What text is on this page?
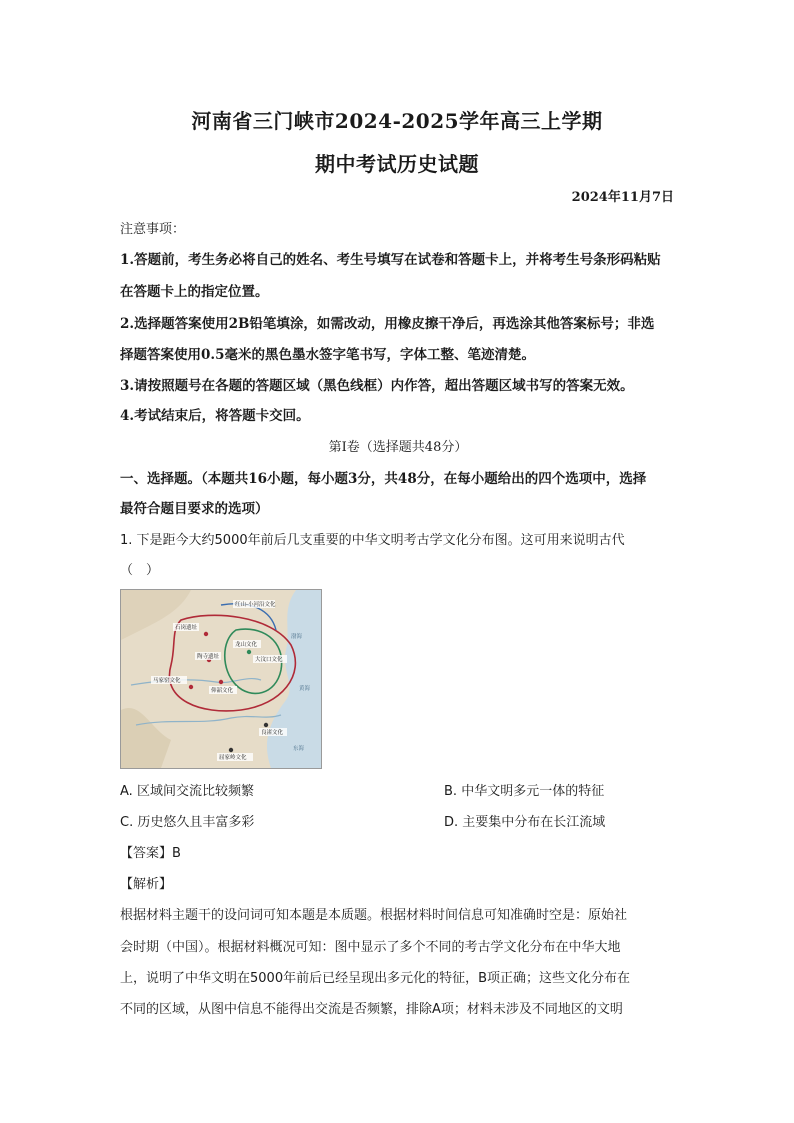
河南省三门峡市2024-2025学年高三上学期
期中考试历史试题
2024年11月7日
注意事项：
1.答题前，考生务必将自己的姓名、考生号填写在试卷和答题卡上，并将考生号条形码粘贴
在答题卡上的指定位置。
2.选择题答案使用2B铅笔填涂，如需改动，用橡皮擦干净后，再选涂其他答案标号；非选
择题答案使用0.5毫米的黑色墨水签字笔书写，字体工整、笔迹清楚。
3.请按照题号在各题的答题区域（黑色线框）内作答，超出答题区域书写的答案无效。
4.考试结束后，将答题卡交回。
第Ⅰ卷（选择题共48分）
一、选择题。（本题共16小题，每小题3分，共48分，在每小题给出的四个选项中，选择
最符合题目要求的选项）
1. 下是距今大约5000年前后几支重要的中华文明考古学文化分布图。这可用来说明古代
（　）
红山-小河沿文化
石岗遗址
大汶口文化
龙山文化
陶寺遗址
仰韶文化
马家窑文化
良渚文化
屈家岭文化
渤海
黄海
东海
A. 区域间交流比较频繁	B. 中华文明多元一体的特征
C. 历史悠久且丰富多彩	D. 主要集中分布在长江流域
【答案】B
【解析】
根据材料主题干的设问词可知本题是本质题。根据材料时间信息可知准确时空是：原始社
会时期（中国）。根据材料概况可知：图中显示了多个不同的考古学文化分布在中华大地
上，说明了中华文明在5000年前后已经呈现出多元化的特征，B项正确；这些文化分布在
不同的区域，从图中信息不能得出交流是否频繁，排除A项；材料未涉及不同地区的文明
